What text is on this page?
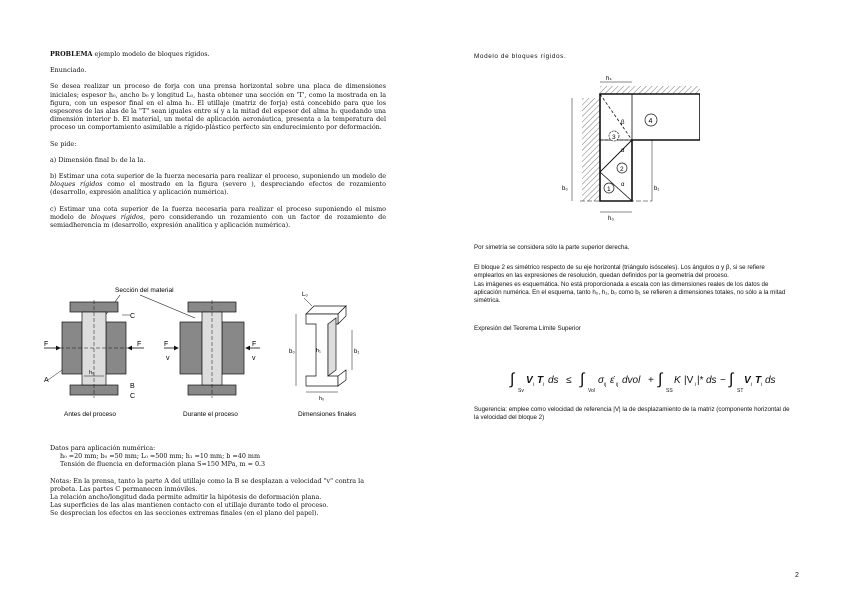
PROBLEMA ejemplo modelo de bloques rígidos.

Enunciado.

Se desea realizar un proceso de forja con una prensa horizontal sobre una placa de dimensiones iniciales; espesor h₀, ancho b₀ y longitud L₀, hasta obtener una sección en 'T', como la mostrada en la figura, con un espesor final en el alma h₁. El utillaje (matriz de forja) está concebido para que los espesores de las alas de la "T" sean iguales entre sí y a la mitad del espesor del alma h₁ quedando una dimensión interior b. El material, un metal de aplicación aeronáutica, presenta a la temperatura del proceso un comportamiento asimilable a rígido-plástico perfecto sin endurecimiento por deformación.

Se pide:

a) Dimensión final b₁ de la la.

b) Estimar una cota superior de la fuerza necesaria para realizar el proceso, suponiendo un modelo de bloques rígidos como el mostrado en la figura (severo ), despreciando efectos de rozamiento (desarrollo, expresión analítica y aplicación numérica).

c) Estimar una cota superior de la fuerza necesaria para realizar el proceso suponiendo el mismo modelo de bloques rígidos, pero considerando un rozamiento con un factor de rozamiento de semiadherencia m (desarrollo, expresión analítica y aplicación numérica).

Sección del material
F	F
C
C
A
B
h₀
Antes del proceso
F	F
v	v
Durante el proceso
L₀
b₀	h₁	b₁
h₀
Dimensiones finales

Datos para aplicación numérica:

h₀ =20 mm; b₀ =50 mm; L₀ =500 mm; h₁ =10 mm; b =40 mm

Tensión de fluencia en deformación plana S=150 MPa, m = 0.3

Notas: En la prensa, tanto la parte A del utillaje como la B se desplazan a velocidad "v" contra la probeta. Las partes C permanecen inmóviles.

La relación ancho/longitud dada permite admitir la hipótesis de deformación plana.

Las superficies de las alas mantienen contacto con el utillaje durante todo el proceso.

Se desprecian los efectos en las secciones extremas finales (en el plano del papel).

Modelo de bloques rígidos.
4
3
2
1
β
α
α
hₛ
b₀	b₁
h₀

Por simetría se considera sólo la parte superior derecha.

El bloque 2 es simétrico respecto de su eje horizontal (triángulo isósceles). Los ángulos α y β, si se refiere emplearlos en las expresiones de resolución, quedan definidos por la geometría del proceso.

Las imágenes es esquemática. No está proporcionada a escala con las dimensiones reales de los datos de aplicación numérica. En el esquema, tanto h₀, h₁, b₀ como b₁ se refieren a dimensiones totales, no sólo a la mitad simétrica.

Expresión del Teorema Límite Superior

∫
Sv
V i T i ds ≤ ∫
Vol
σ ij ε̇ ij dvol + ∫
SS
K |V i |* ds − ∫
ST
V i T i ds
Sugerencia: emplee como velocidad de referencia |V| la de desplazamiento de la matriz (componente horizontal de la velocidad del bloque 2)
2
